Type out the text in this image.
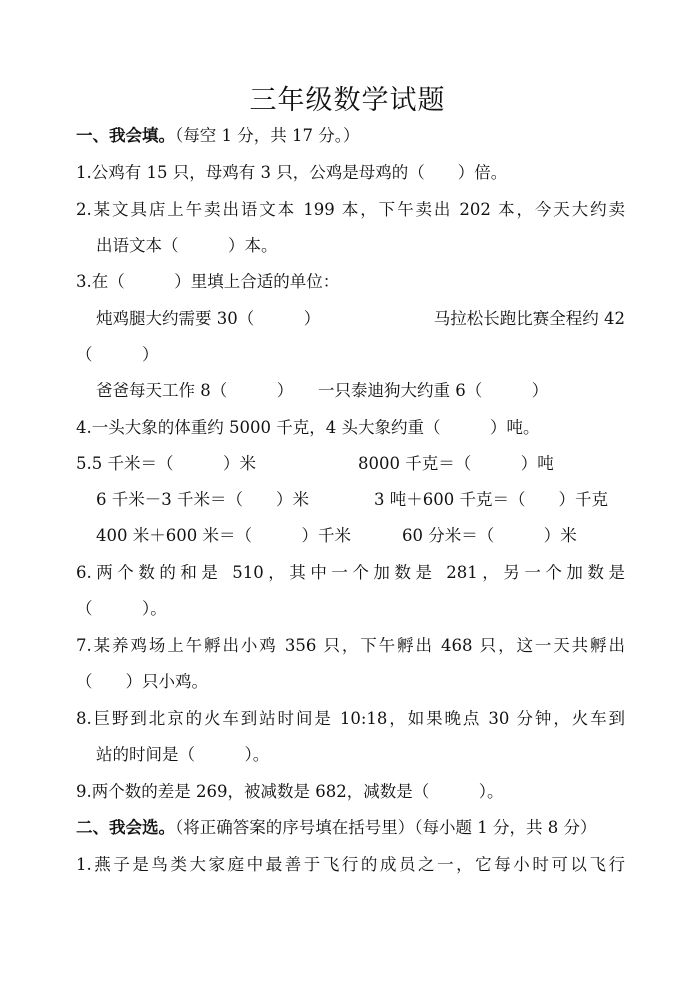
三年级数学试题
一、我会填。（每空 1 分，共 17 分。）
1.公鸡有 15 只，母鸡有 3 只，公鸡是母鸡的（　　）倍。
2.某文具店上午卖出语文本 199 本，下午卖出 202 本，今天大约卖
出语文本（　　　）本。
3.在（　　　）里填上合适的单位：
炖鸡腿大约需要 30（　　　）	马拉松长跑比赛全程约 42
（　　　）
爸爸每天工作 8（　　　） 一只泰迪狗大约重 6（　　　）
4.一头大象的体重约 5000 千克，4 头大象约重（　　　）吨。
5.5 千米＝（　　　）米	8000 千克＝（　　　）吨
6 千米－3 千米＝（　　）米	3 吨＋600 千克＝（　　）千克
400 米＋600 米＝（　　　）千米	60 分米＝（　　　）米
6.两个数的和是 510，其中一个加数是 281，另一个加数是
（　　　）。
7.某养鸡场上午孵出小鸡 356 只，下午孵出 468 只，这一天共孵出
（　　）只小鸡。
8.巨野到北京的火车到站时间是 10:18，如果晚点 30 分钟，火车到
站的时间是（　　　）。
9.两个数的差是 269，被减数是 682，减数是（　　　）。
二、我会选。（将正确答案的序号填在括号里）（每小题 1 分，共 8 分）
1.燕子是鸟类大家庭中最善于飞行的成员之一，它每小时可以飞行
